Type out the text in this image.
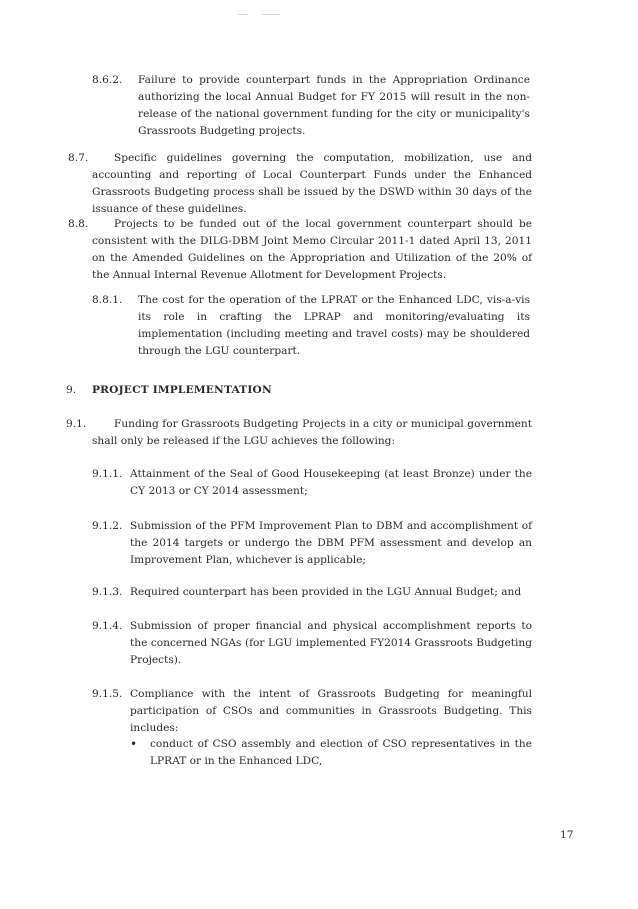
8.6.2. Failure to provide counterpart funds in the Appropriation Ordinance authorizing the local Annual Budget for FY 2015 will result in the non-release of the national government funding for the city or municipality's Grassroots Budgeting projects.

8.7.	Specific guidelines governing the computation, mobilization, use and accounting and reporting of Local Counterpart Funds under the Enhanced Grassroots Budgeting process shall be issued by the DSWD within 30 days of the issuance of these guidelines.

8.8.	Projects to be funded out of the local government counterpart should be consistent with the DILG-DBM Joint Memo Circular 2011-1 dated April 13, 2011 on the Amended Guidelines on the Appropriation and Utilization of the 20% of the Annual Internal Revenue Allotment for Development Projects.

8.8.1. The cost for the operation of the LPRAT or the Enhanced LDC, vis-a-vis its role in crafting the LPRAP and monitoring/evaluating its implementation (including meeting and travel costs) may be shouldered through the LGU counterpart.

9. PROJECT IMPLEMENTATION
9.1.	Funding for Grassroots Budgeting Projects in a city or municipal government shall only be released if the LGU achieves the following:

9.1.1. Attainment of the Seal of Good Housekeeping (at least Bronze) under the CY 2013 or CY 2014 assessment;

9.1.2. Submission of the PFM Improvement Plan to DBM and accomplishment of the 2014 targets or undergo the DBM PFM assessment and develop an Improvement Plan, whichever is applicable;

9.1.3. Required counterpart has been provided in the LGU Annual Budget; and

9.1.4. Submission of proper financial and physical accomplishment reports to the concerned NGAs (for LGU implemented FY2014 Grassroots Budgeting Projects).

9.1.5. Compliance with the intent of Grassroots Budgeting for meaningful participation of CSOs and communities in Grassroots Budgeting. This includes:

• conduct of CSO assembly and election of CSO representatives in the LPRAT or in the Enhanced LDC,

17
